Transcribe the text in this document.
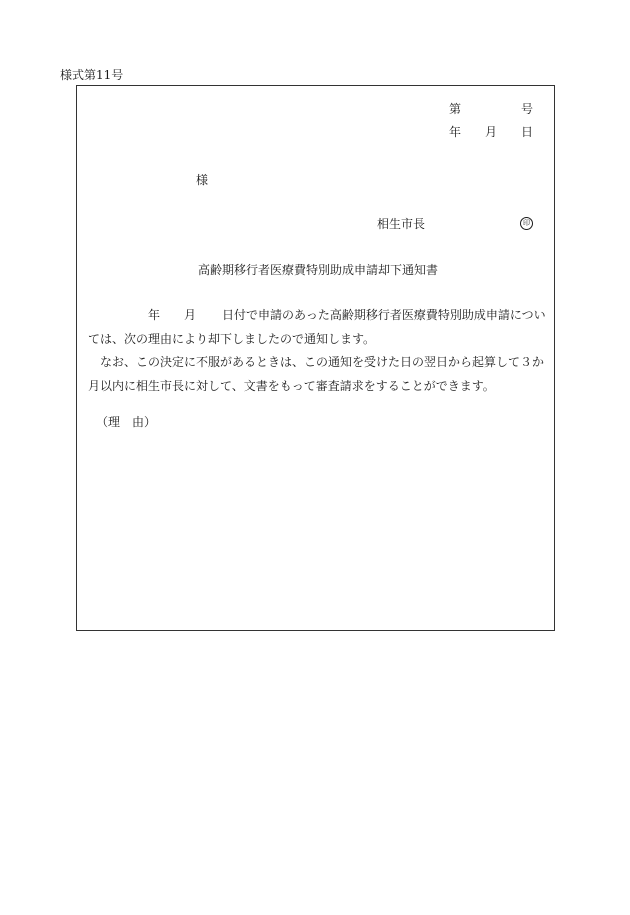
様式第11号
第	号
年 月 日
様
相生市長	印
高齢期移行者医療費特別助成申請却下通知書
年 月 日付で申請のあった高齢期移行者医療費特別助成申請につい
ては、次の理由により却下しましたので通知します。
なお、この決定に不服があるときは、この通知を受けた日の翌日から起算して３か
月以内に相生市長に対して、文書をもって審査請求をすることができます。
（理　由）
